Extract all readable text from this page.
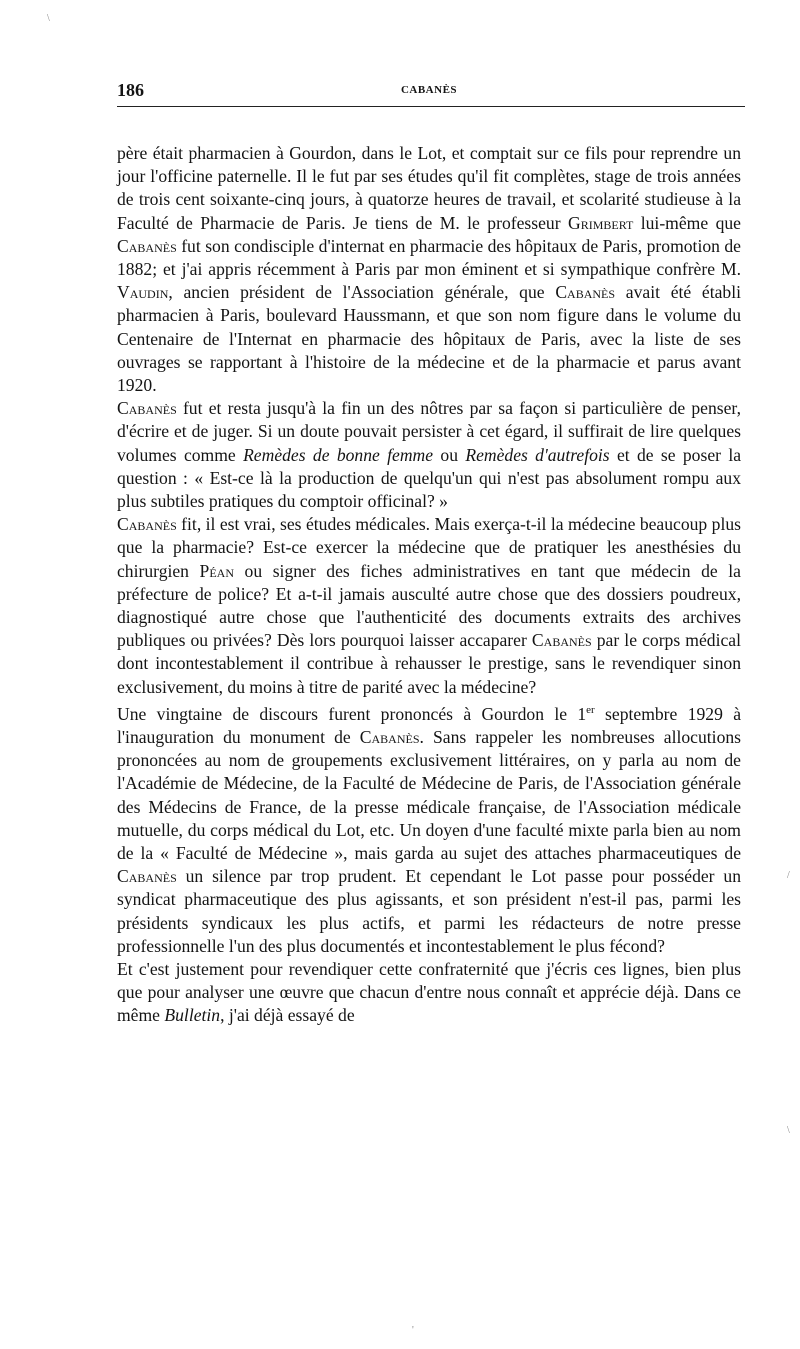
186	CABANÈS

père était pharmacien à Gourdon, dans le Lot, et comptait sur ce fils pour reprendre un jour l'officine paternelle. Il le fut par ses études qu'il fit complètes, stage de trois années de trois cent soixante-cinq jours, à quatorze heures de travail, et scolarité studieuse à la Faculté de Pharmacie de Paris. Je tiens de M. le professeur Grimbert lui-même que Cabanès fut son condisciple d'internat en pharmacie des hôpitaux de Paris, promotion de 1882; et j'ai appris récemment à Paris par mon éminent et si sympathique confrère M. Vaudin, ancien président de l'Association générale, que Cabanès avait été établi pharmacien à Paris, boulevard Haussmann, et que son nom figure dans le volume du Centenaire de l'Internat en pharmacie des hôpitaux de Paris, avec la liste de ses ouvrages se rapportant à l'histoire de la médecine et de la pharmacie et parus avant 1920.

Cabanès fut et resta jusqu'à la fin un des nôtres par sa façon si particulière de penser, d'écrire et de juger. Si un doute pouvait persister à cet égard, il suffirait de lire quelques volumes comme Remèdes de bonne femme ou Remèdes d'autrefois et de se poser la question : « Est-ce là la production de quelqu'un qui n'est pas absolument rompu aux plus subtiles pratiques du comptoir officinal? »

Cabanès fit, il est vrai, ses études médicales. Mais exerça-t-il la médecine beaucoup plus que la pharmacie? Est-ce exercer la médecine que de pratiquer les anesthésies du chirurgien Péan ou signer des fiches administratives en tant que médecin de la préfecture de police? Et a-t-il jamais ausculté autre chose que des dossiers poudreux, diagnostiqué autre chose que l'authenticité des documents extraits des archives publiques ou privées? Dès lors pourquoi laisser accaparer Cabanès par le corps médical dont incontestablement il contribue à rehausser le prestige, sans le revendiquer sinon exclusivement, du moins à titre de parité avec la médecine?

Une vingtaine de discours furent prononcés à Gourdon le 1er septembre 1929 à l'inauguration du monument de Cabanès. Sans rappeler les nombreuses allocutions prononcées au nom de groupements exclusivement littéraires, on y parla au nom de l'Académie de Médecine, de la Faculté de Médecine de Paris, de l'Association générale des Médecins de France, de la presse médicale française, de l'Association médicale mutuelle, du corps médical du Lot, etc. Un doyen d'une faculté mixte parla bien au nom de la « Faculté de Médecine », mais garda au sujet des attaches pharmaceutiques de Cabanès un silence par trop prudent. Et cependant le Lot passe pour posséder un syndicat pharmaceutique des plus agissants, et son président n'est-il pas, parmi les présidents syndicaux les plus actifs, et parmi les rédacteurs de notre presse professionnelle l'un des plus documentés et incontestablement le plus fécond?

Et c'est justement pour revendiquer cette confraternité que j'écris ces lignes, bien plus que pour analyser une œuvre que chacun d'entre nous connaît et apprécie déjà. Dans ce même Bulletin, j'ai déjà essayé de

\
/
\
'
